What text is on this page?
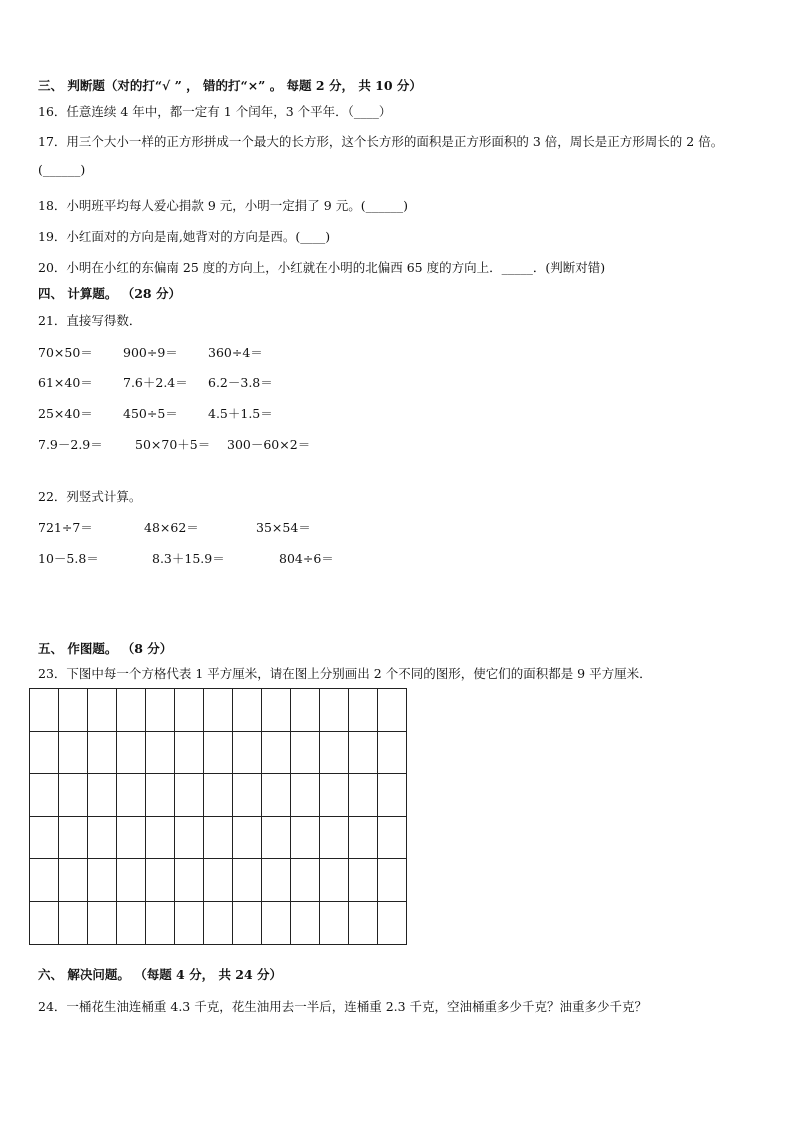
三、 判断题（对的打“√ ” ， 错的打“×” 。 每题 2 分， 共 10 分）
16．任意连续 4 年中，都一定有 1 个闰年，3 个平年．（____）
17．用三个大小一样的正方形拼成一个最大的长方形，这个长方形的面积是正方形面积的 3 倍，周长是正方形周长的 2 倍。(______)
18．小明班平均每人爱心捐款 9 元，小明一定捐了 9 元。(______)
19．小红面对的方向是南,她背对的方向是西。(____)
20．小明在小红的东偏南 25 度的方向上，小红就在小明的北偏西 65 度的方向上．_____．(判断对错)
四、 计算题。 （28 分）
21．直接写得数．
70×50＝ 900÷9＝ 360÷4＝
61×40＝ 7.6＋2.4＝ 6.2－3.8＝
25×40＝ 450÷5＝ 4.5＋1.5＝
7.9－2.9＝	50×70＋5＝ 300－60×2＝
22．列竖式计算。
721÷7＝	48×62＝	35×54＝
10－5.8＝	8.3＋15.9＝	804÷6＝
五、 作图题。 （8 分）
23．下图中每一个方格代表 1 平方厘米，请在图上分别画出 2 个不同的图形，使它们的面积都是 9 平方厘米．

六、 解决问题。 （每题 4 分， 共 24 分）
24．一桶花生油连桶重 4.3 千克，花生油用去一半后，连桶重 2.3 千克，空油桶重多少千克？油重多少千克？
